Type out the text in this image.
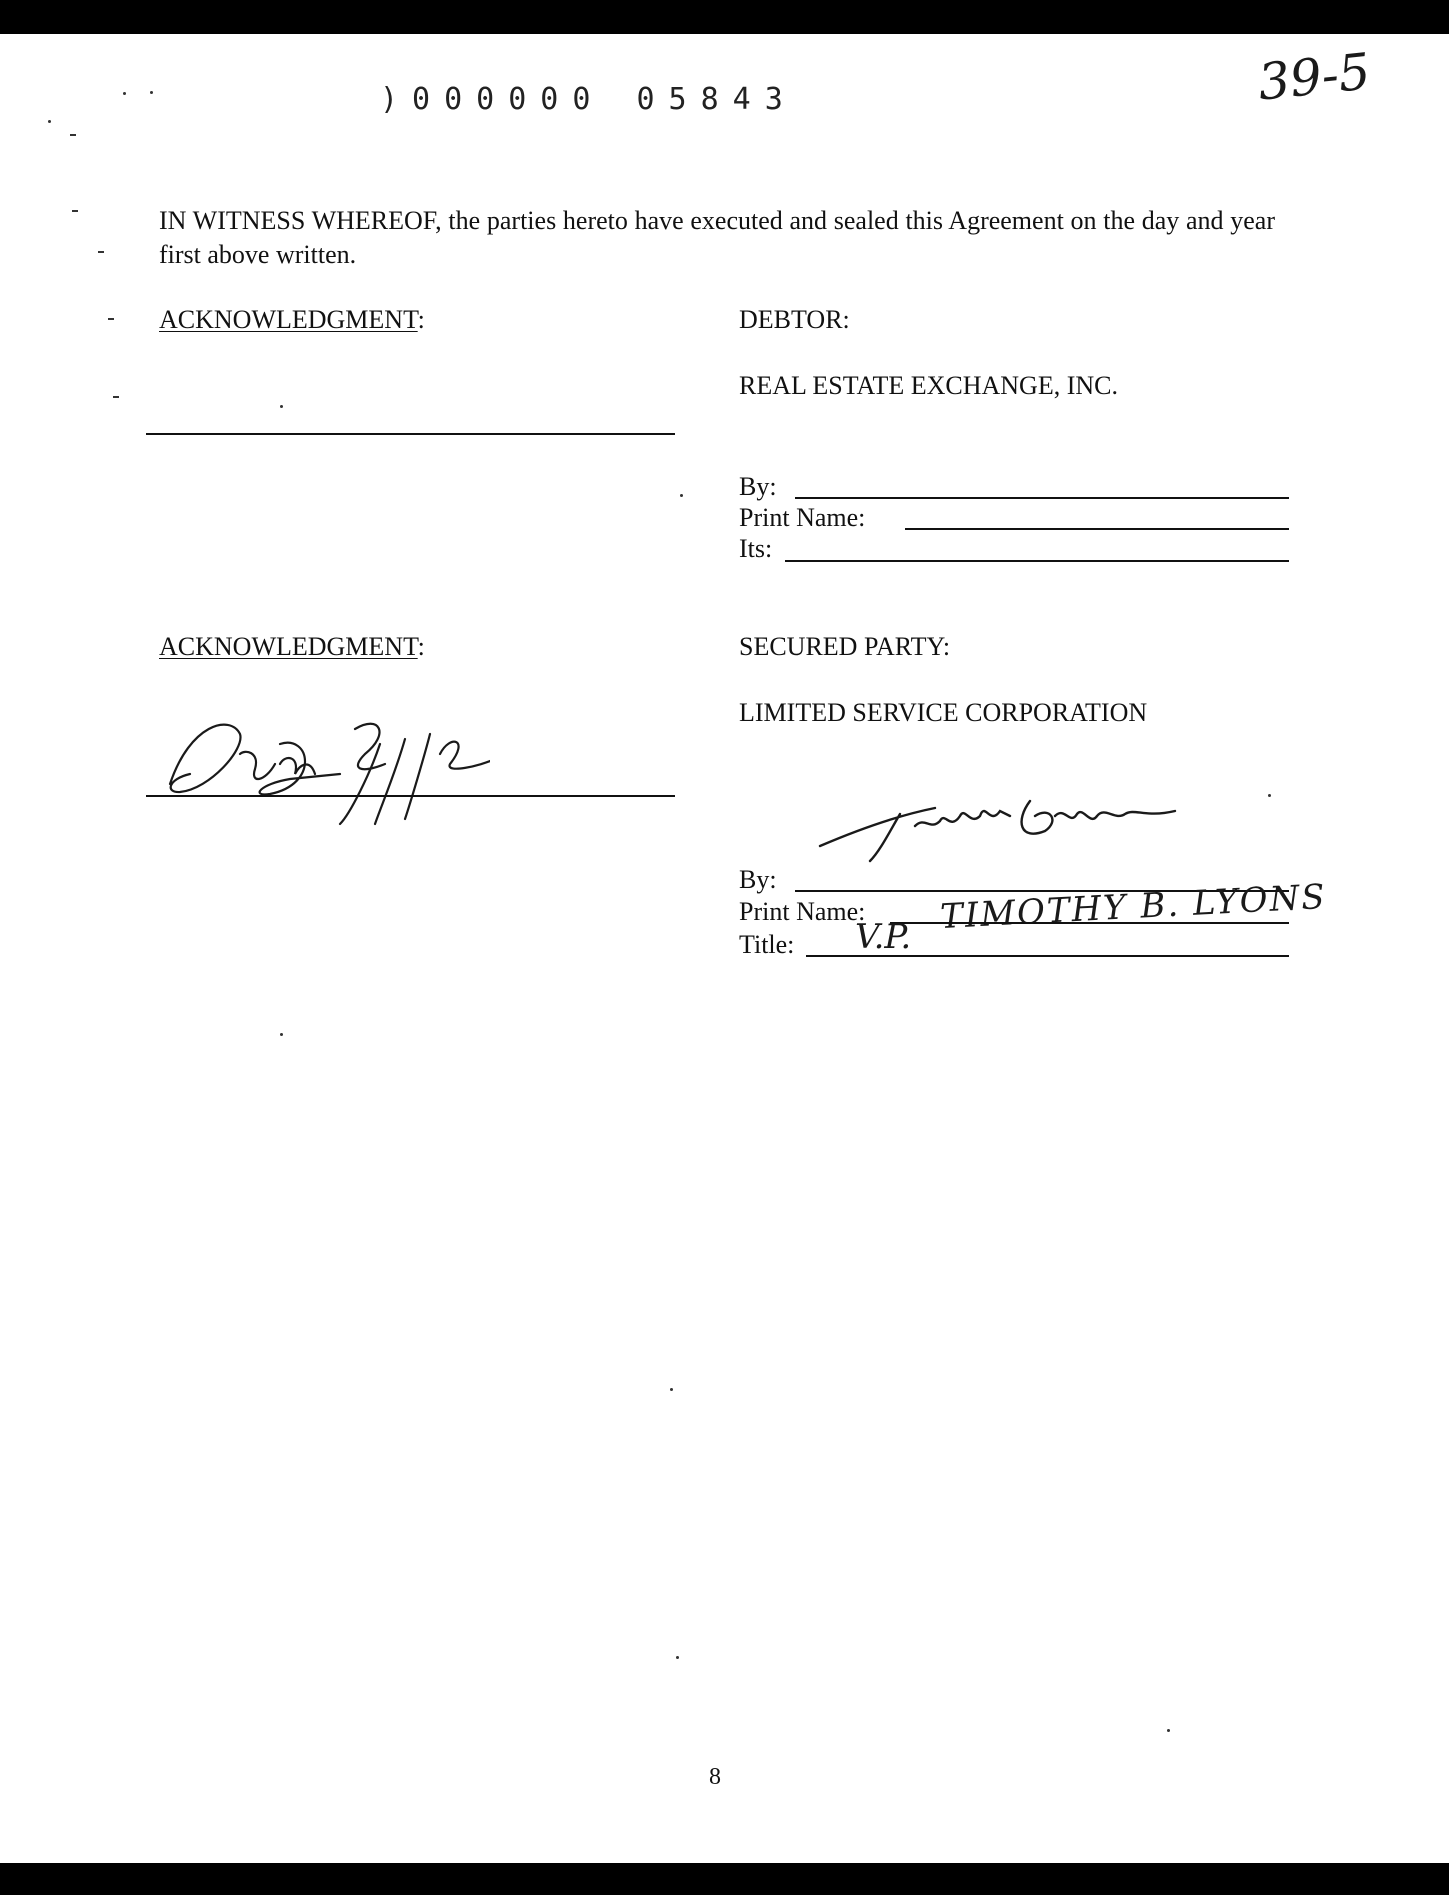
)000000 05843	39-5
IN WITNESS WHEREOF, the parties hereto have executed and sealed this Agreement on the day and year first above written.
ACKNOWLEDGMENT:
ACKNOWLEDGMENT:
DEBTOR:
REAL ESTATE EXCHANGE, INC.
By:
Print Name:
Its:
SECURED PARTY:
LIMITED SERVICE CORPORATION
By:
Print Name: TIMOTHY B. LYONS
Title: V.P.
8
